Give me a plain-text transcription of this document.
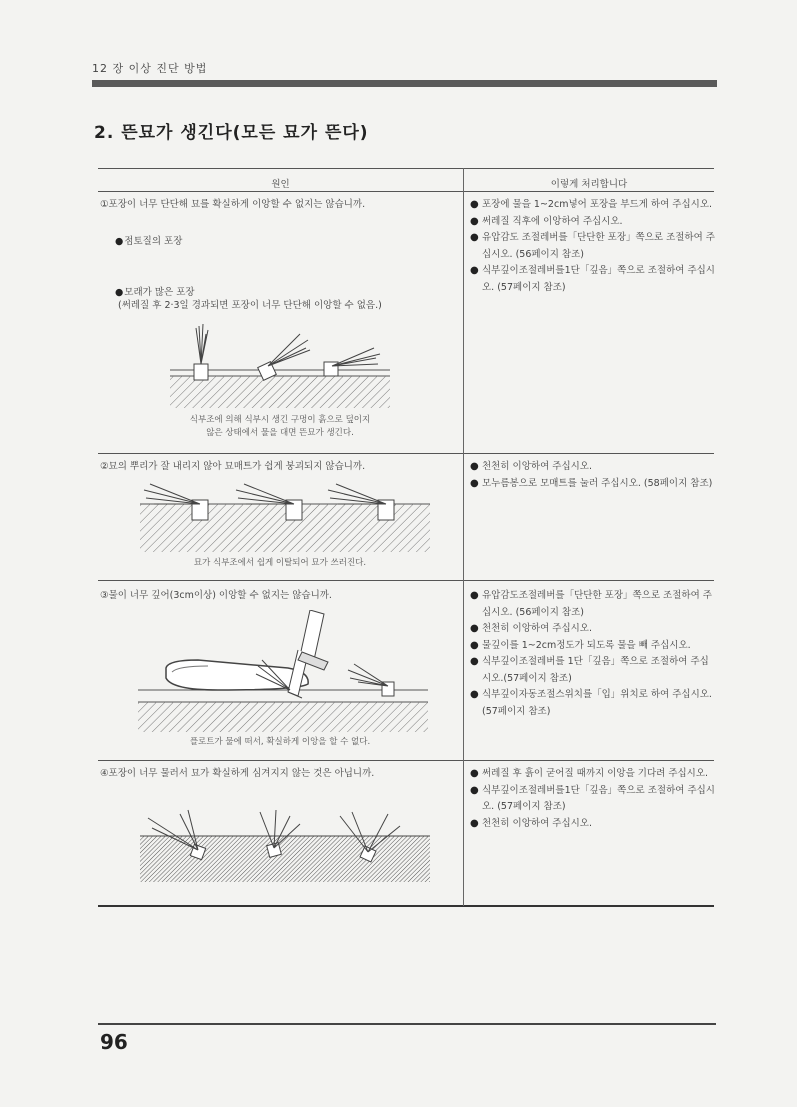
12 장 이상 진단 방법
2. 뜬묘가 생긴다(모든 묘가 뜬다)
원인	이렇게 처리합니다
①포장이 너무 단단해 묘를 확실하게 이앙할 수 없지는 않습니까.
● 점토질의 포장
● 모래가 많은 포장
(써레질 후 2·3일 경과되면 포장이 너무 단단해 이앙할 수 없음.)
식부조에 의해 식부시 생긴 구멍이 흙으로 덮이지
않은 상태에서 물을 대면 뜬묘가 생긴다.
● 포장에 물을 1~2cm넣어 포장을 부드게 하여 주십시오.
● 써레질 직후에 이앙하여 주십시오.
● 유압감도 조절레버를「단단한 포장」쪽으로 조절하여 주십시오. (56페이지 참조)
● 식부깊이조절레버를1단「깊음」쪽으로 조절하여 주십시오. (57페이지 참조)
②묘의 뿌리가 잘 내리지 않아 묘매트가 쉽게 붕괴되지 않습니까.
묘가 식부조에서 쉽게 이탈되어 묘가 쓰러진다.
● 천천히 이앙하여 주십시오.
● 모누름봉으로 모매트를 눌러 주십시오. (58페이지 참조)
③물이 너무 깊어(3cm이상) 이앙할 수 없지는 않습니까.
플로트가 물에 떠서, 확실하게 이앙을 할 수 없다.
● 유압감도조절레버를「단단한 포장」쪽으로 조절하여 주십시오. (56페이지 참조)
● 천천히 이앙하여 주십시오.
● 물깊이를 1~2cm정도가 되도록 물을 빼 주십시오.
● 식부깊이조절레버를 1단「깊음」쪽으로 조절하여 주십시오.(57페이지 참조)
● 식부깊이자동조절스위치를「입」위치로 하여 주십시오. (57페이지 참조)
④포장이 너무 물러서 묘가 확실하게 심겨지지 않는 것은 아닙니까.
●	써레질 후 흙이 굳어질 때까지 이앙을 기다려 주십시오.
● 식부깊이조절레버를1단「깊음」쪽으로 조절하여 주십시오. (57페이지 참조)
● 천천히 이앙하여 주십시오.
96
